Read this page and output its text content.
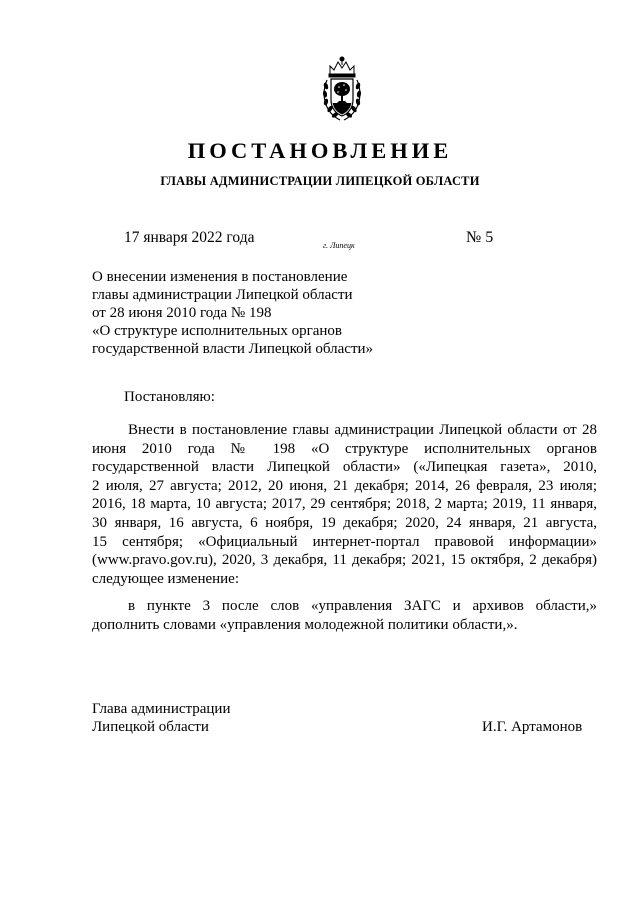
ПОСТАНОВЛЕНИЕ
ГЛАВЫ АДМИНИСТРАЦИИ ЛИПЕЦКОЙ ОБЛАСТИ
17 января 2022 года	г. Липецк	№ 5
О внесении изменения в постановление
главы администрации Липецкой области
от 28 июня 2010 года № 198
«О структуре исполнительных органов
государственной власти Липецкой области»
Постановляю:
Внести в постановление главы администрации Липецкой области от 28
июня 2010 года № 198 «О структуре исполнительных органов
государственной власти Липецкой области» («Липецкая газета», 2010,
2 июля, 27 августа; 2012, 20 июня, 21 декабря; 2014, 26 февраля, 23 июля;
2016, 18 марта, 10 августа; 2017, 29 сентября; 2018, 2 марта; 2019, 11 января,
30 января, 16 августа, 6 ноября, 19 декабря; 2020, 24 января, 21 августа,
15 сентября; «Официальный интернет-портал правовой информации»
(www.pravo.gov.ru), 2020, 3 декабря, 11 декабря; 2021, 15 октября, 2 декабря)
следующее изменение:
в пункте 3 после слов «управления ЗАГС и архивов области,»
дополнить словами «управления молодежной политики области,».
Глава администрации
Липецкой области	И.Г. Артамонов
